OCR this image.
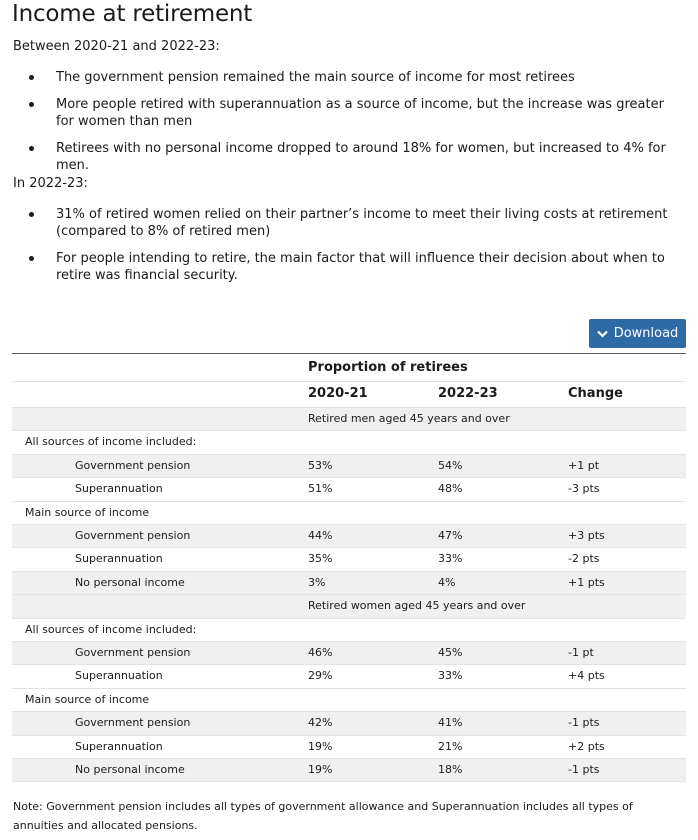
Income at retirement

Between 2020-21 and 2022-23:

The government pension remained the main source of income for most retirees
More people retired with superannuation as a source of income, but the increase was greater for women than men
Retirees with no personal income dropped to around 18% for women, but increased to 4% for men.

In 2022-23:

31% of retired women relied on their partner’s income to meet their living costs at retirement (compared to 8% of retired men)
For people intending to retire, the main factor that will influence their decision about when to retire was financial security.
Download
Proportion of retirees
2020-21	2022-23	Change
Retired men aged 45 years and over
All sources of income included:
Government pension	53%	54%	+1 pt
Superannuation	51%	48%	-3 pts
Main source of income
Government pension	44%	47%	+3 pts
Superannuation	35%	33%	-2 pts
No personal income	3%	4%	+1 pts
Retired women aged 45 years and over
All sources of income included:
Government pension	46%	45%	-1 pt
Superannuation	29%	33%	+4 pts
Main source of income
Government pension	42%	41%	-1 pts
Superannuation	19%	21%	+2 pts
No personal income	19%	18%	-1 pts

Note: Government pension includes all types of government allowance and Superannuation includes all types of annuities and allocated pensions.
